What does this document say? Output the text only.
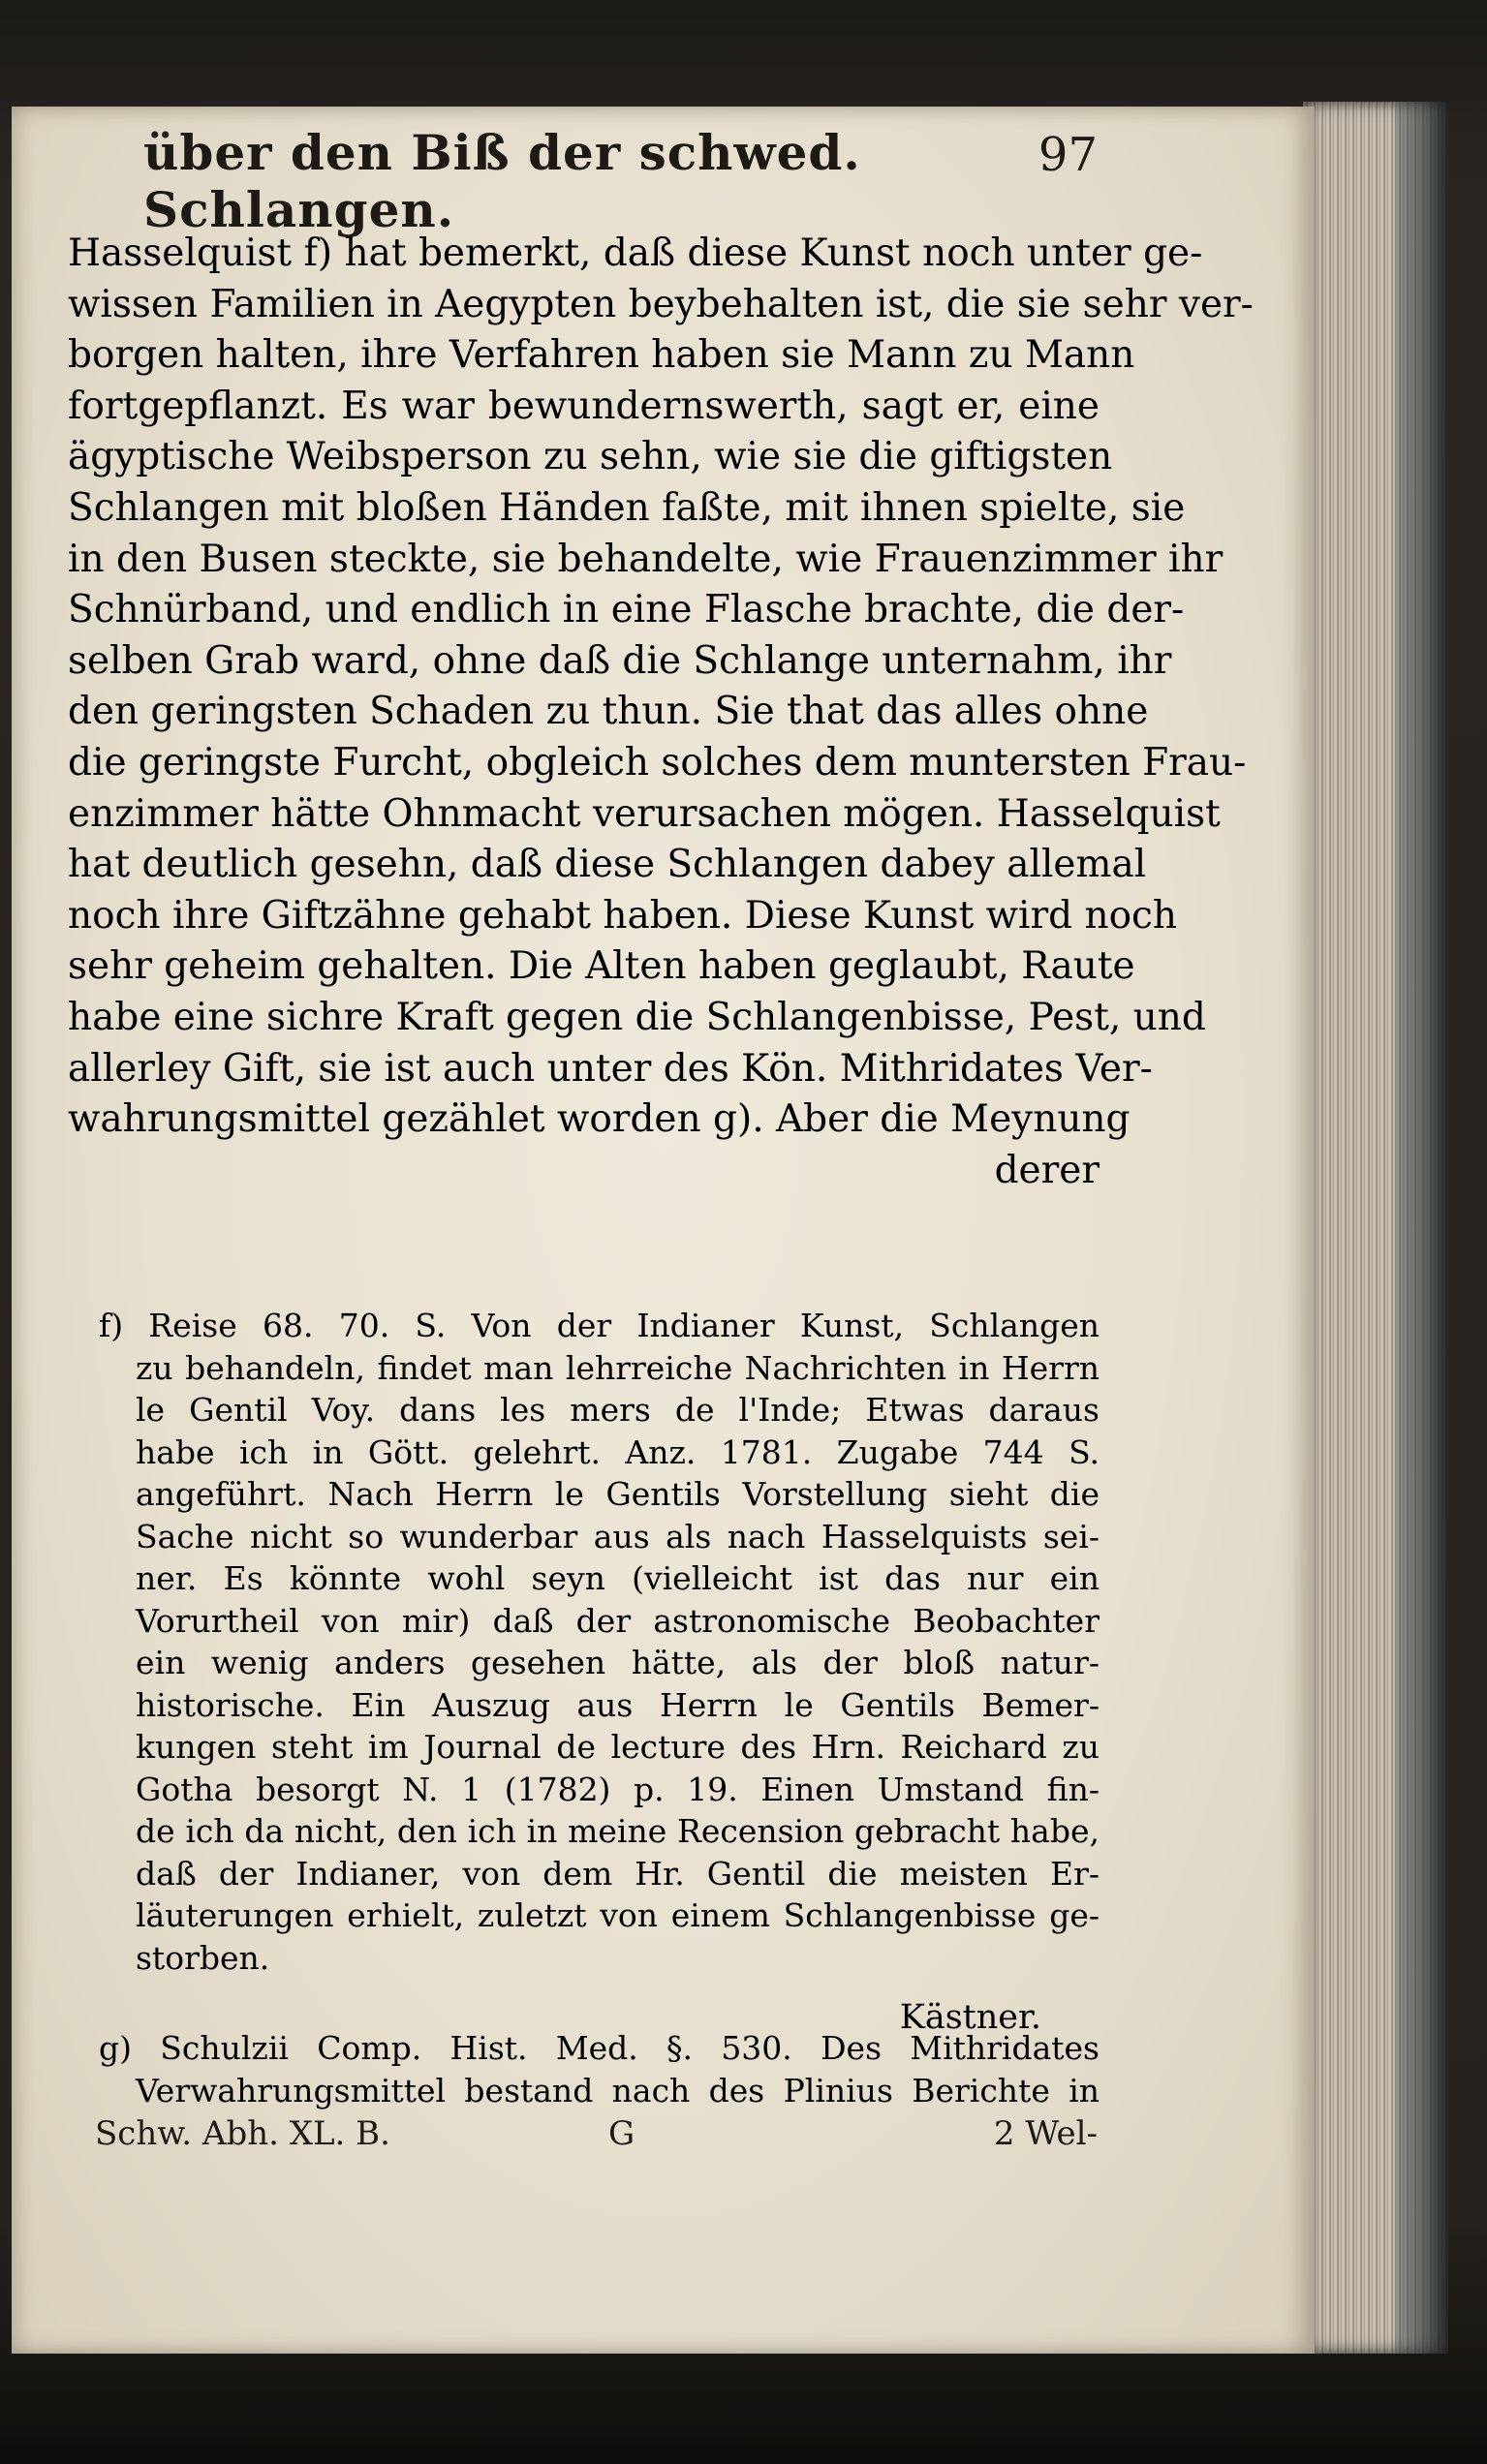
über den Biß der schwed. Schlangen.
97
Hasselquist f) hat bemerkt, daß diese Kunst noch unter ge-
wissen Familien in Aegypten beybehalten ist, die sie sehr ver-
borgen halten, ihre Verfahren haben sie Mann zu Mann
fortgepflanzt. Es war bewundernswerth, sagt er, eine
ägyptische Weibsperson zu sehn, wie sie die giftigsten
Schlangen mit bloßen Händen faßte, mit ihnen spielte, sie
in den Busen steckte, sie behandelte, wie Frauenzimmer ihr
Schnürband, und endlich in eine Flasche brachte, die der-
selben Grab ward, ohne daß die Schlange unternahm, ihr
den geringsten Schaden zu thun. Sie that das alles ohne
die geringste Furcht, obgleich solches dem muntersten Frau-
enzimmer hätte Ohnmacht verursachen mögen. Hasselquist
hat deutlich gesehn, daß diese Schlangen dabey allemal
noch ihre Giftzähne gehabt haben. Diese Kunst wird noch
sehr geheim gehalten. Die Alten haben geglaubt, Raute
habe eine sichre Kraft gegen die Schlangenbisse, Pest, und
allerley Gift, sie ist auch unter des Kön. Mithridates Ver-
wahrungsmittel gezählet worden g). Aber die Meynung
derer
f) Reise 68. 70. S. Von der Indianer Kunst, Schlangen
zu behandeln, findet man lehrreiche Nachrichten in Herrn
le Gentil Voy. dans les mers de l'Inde; Etwas daraus
habe ich in Gött. gelehrt. Anz. 1781. Zugabe 744 S.
angeführt. Nach Herrn le Gentils Vorstellung sieht die
Sache nicht so wunderbar aus als nach Hasselquists sei-
ner. Es könnte wohl seyn (vielleicht ist das nur ein
Vorurtheil von mir) daß der astronomische Beobachter
ein wenig anders gesehen hätte, als der bloß natur-
historische. Ein Auszug aus Herrn le Gentils Bemer-
kungen steht im Journal de lecture des Hrn. Reichard zu
Gotha besorgt N. 1 (1782) p. 19. Einen Umstand fin-
de ich da nicht, den ich in meine Recension gebracht habe,
daß der Indianer, von dem Hr. Gentil die meisten Er-
läuterungen erhielt, zuletzt von einem Schlangenbisse ge-
storben.
Kästner.
g) Schulzii Comp. Hist. Med. §. 530. Des Mithridates
Verwahrungsmittel bestand nach des Plinius Berichte in
Schw. Abh. XL. B.	G	2 Wel-
